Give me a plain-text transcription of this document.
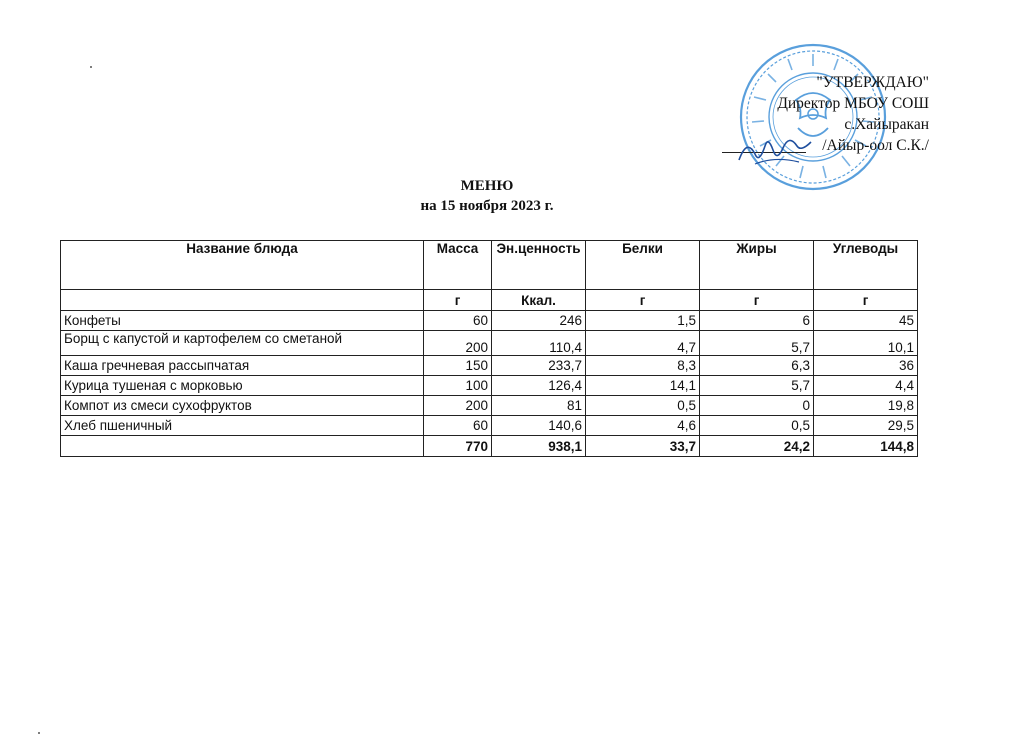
"УТВЕРЖДАЮ"
Директор МБОУ СОШ
с.Хайыракан
/Айыр-оол С.К./
МЕНЮ
на 15 ноября 2023 г.
Название блюда	Масса	Эн.ценность	Белки	Жиры	Углеводы
	г	Ккал.	г	г	г
Конфеты	60	246	1,5	6	45
Борщ с капустой и картофелем со сметаной	200	110,4	4,7	5,7	10,1
Каша гречневая рассыпчатая	150	233,7	8,3	6,3	36
Курица тушеная с морковью	100	126,4	14,1	5,7	4,4
Компот из смеси сухофруктов	200	81	0,5	0	19,8
Хлеб пшеничный	60	140,6	4,6	0,5	29,5
	770	938,1	33,7	24,2	144,8
